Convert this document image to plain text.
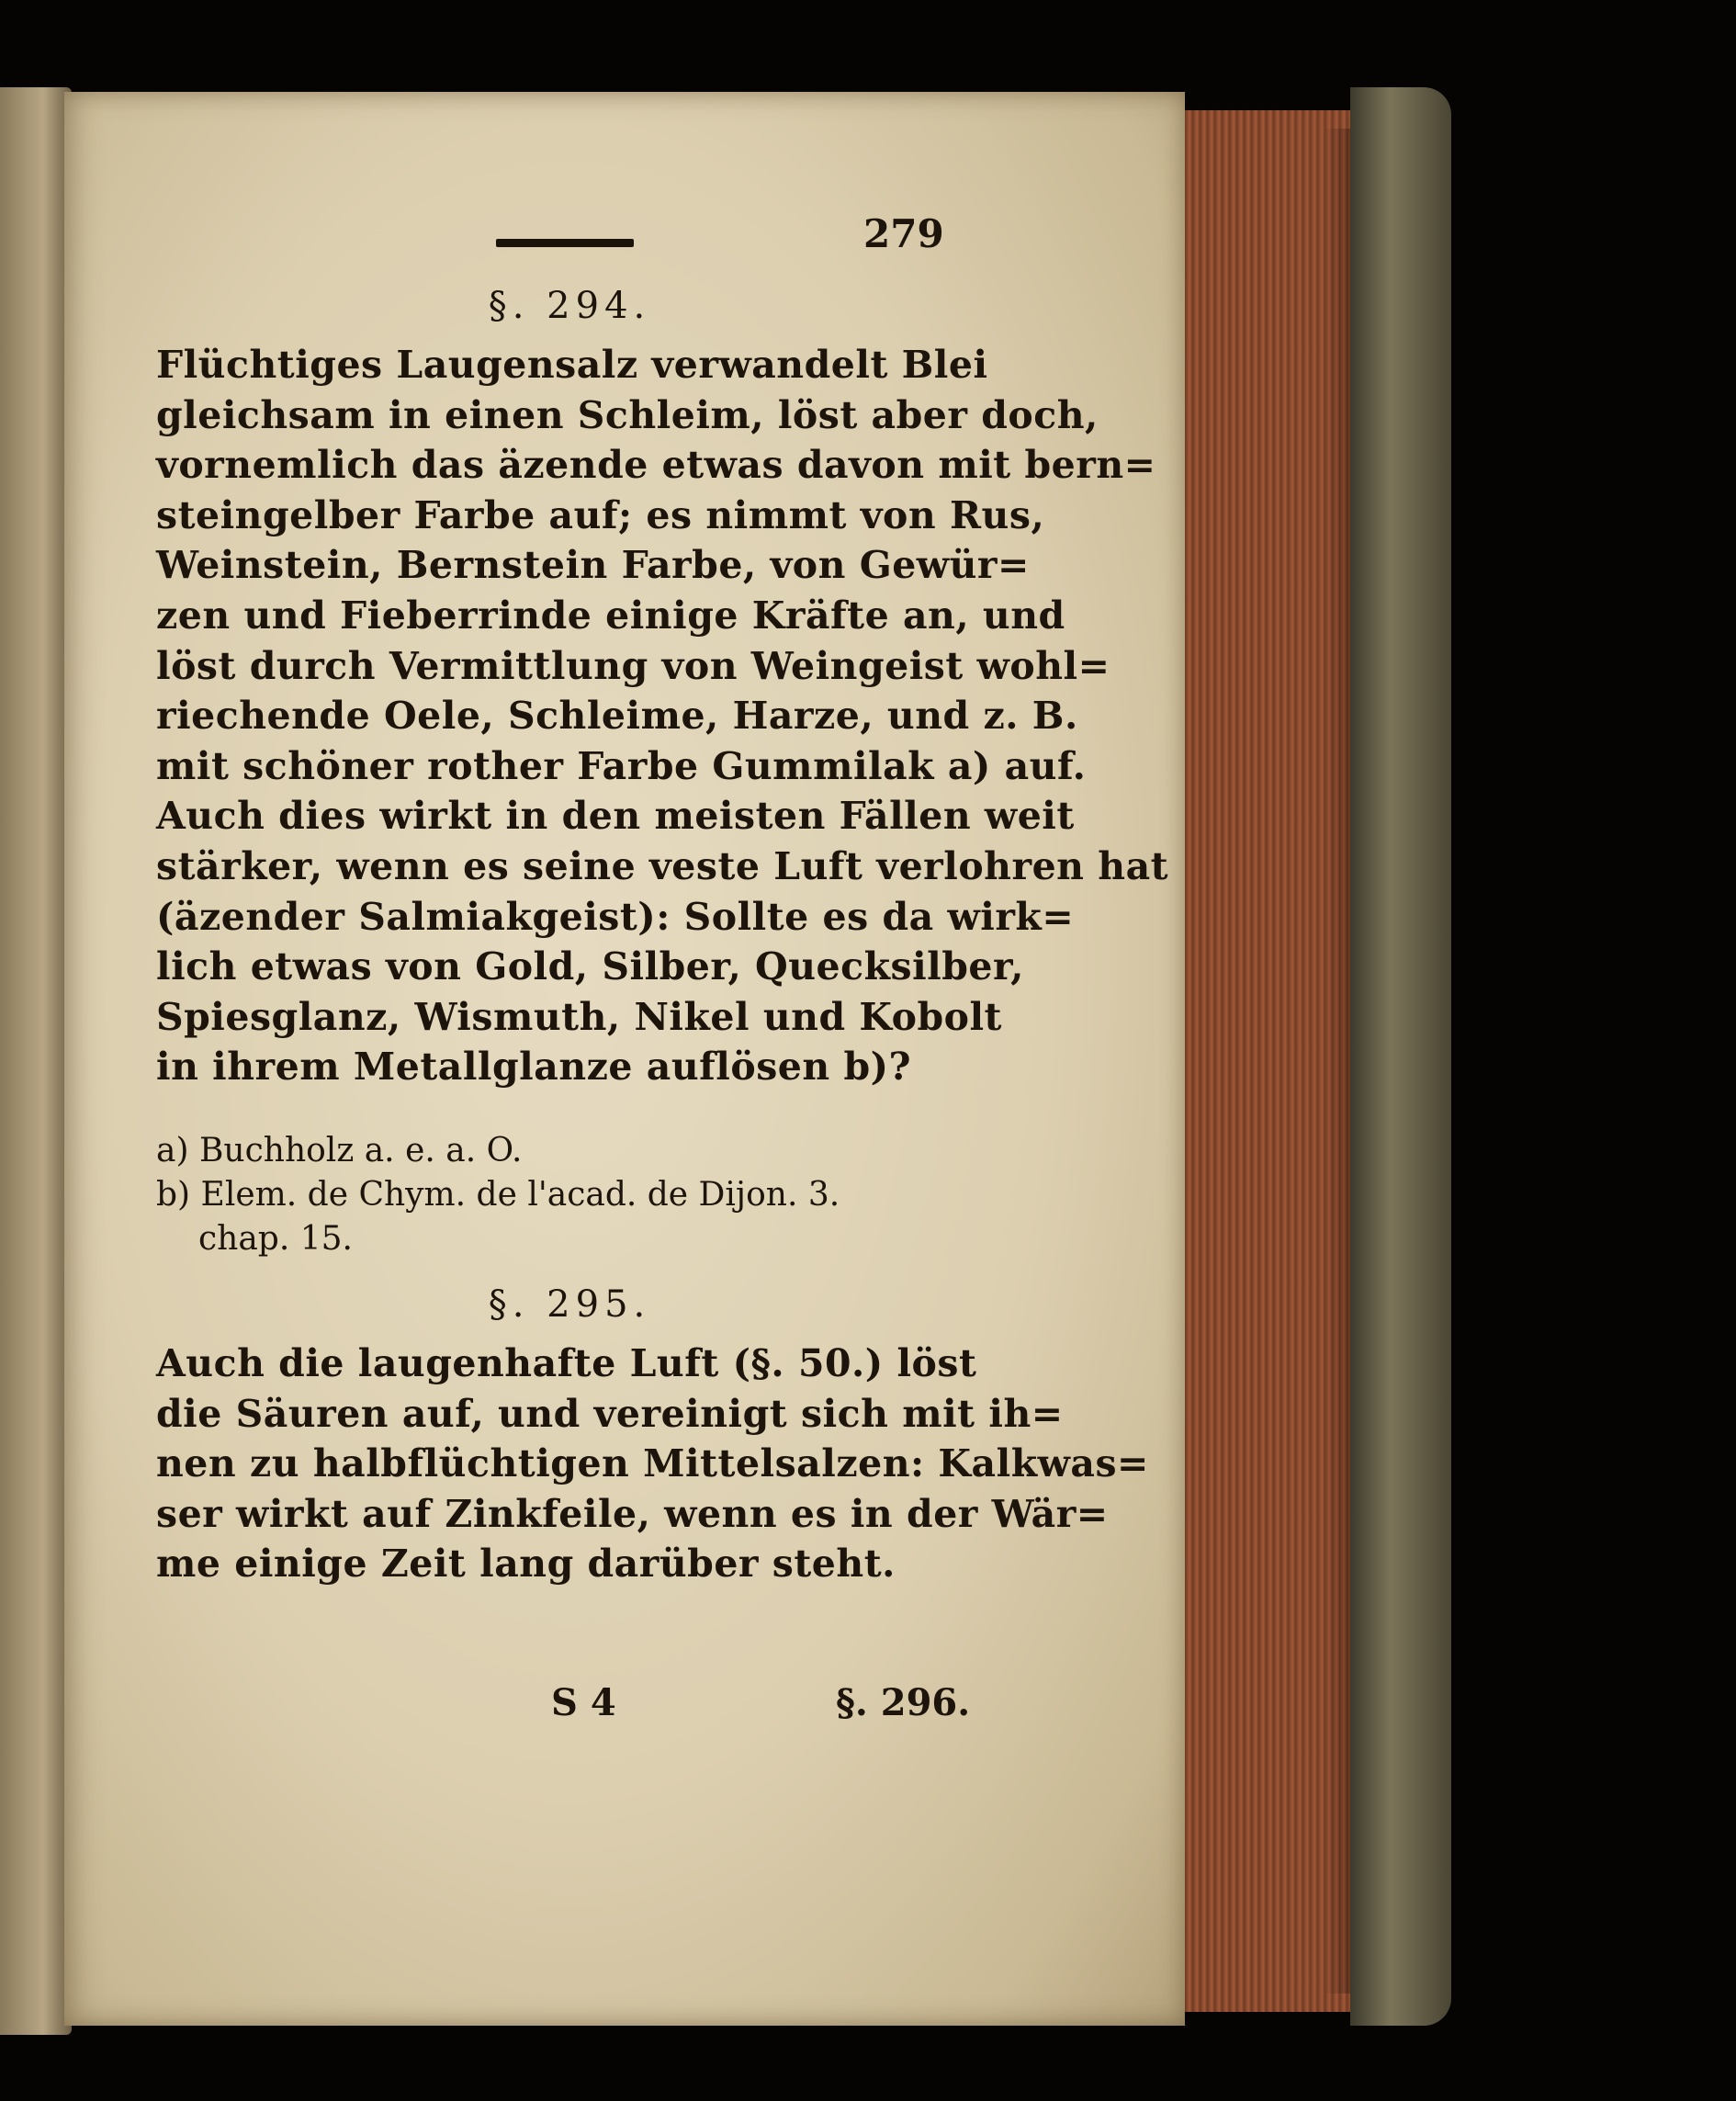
279
§. 294.
Flüchtiges Laugensalz verwandelt Blei
gleichsam in einen Schleim, löst aber doch,
vornemlich das äzende etwas davon mit bern=
steingelber Farbe auf; es nimmt von Rus,
Weinstein, Bernstein Farbe, von Gewür=
zen und Fieberrinde einige Kräfte an, und
löst durch Vermittlung von Weingeist wohl=
riechende Oele, Schleime, Harze, und z. B.
mit schöner rother Farbe Gummilak a) auf.
Auch dies wirkt in den meisten Fällen weit
stärker, wenn es seine veste Luft verlohren hat
(äzender Salmiakgeist): Sollte es da wirk=
lich etwas von Gold, Silber, Quecksilber,
Spiesglanz, Wismuth, Nikel und Kobolt
in ihrem Metallglanze auflösen b)?
a) Buchholz a. e. a. O.
b) Elem. de Chym. de l'acad. de Dijon. 3.
chap. 15.
§. 295.
Auch die laugenhafte Luft (§. 50.) löst
die Säuren auf, und vereinigt sich mit ih=
nen zu halbflüchtigen Mittelsalzen: Kalkwas=
ser wirkt auf Zinkfeile, wenn es in der Wär=
me einige Zeit lang darüber steht.
S 4	§. 296.
